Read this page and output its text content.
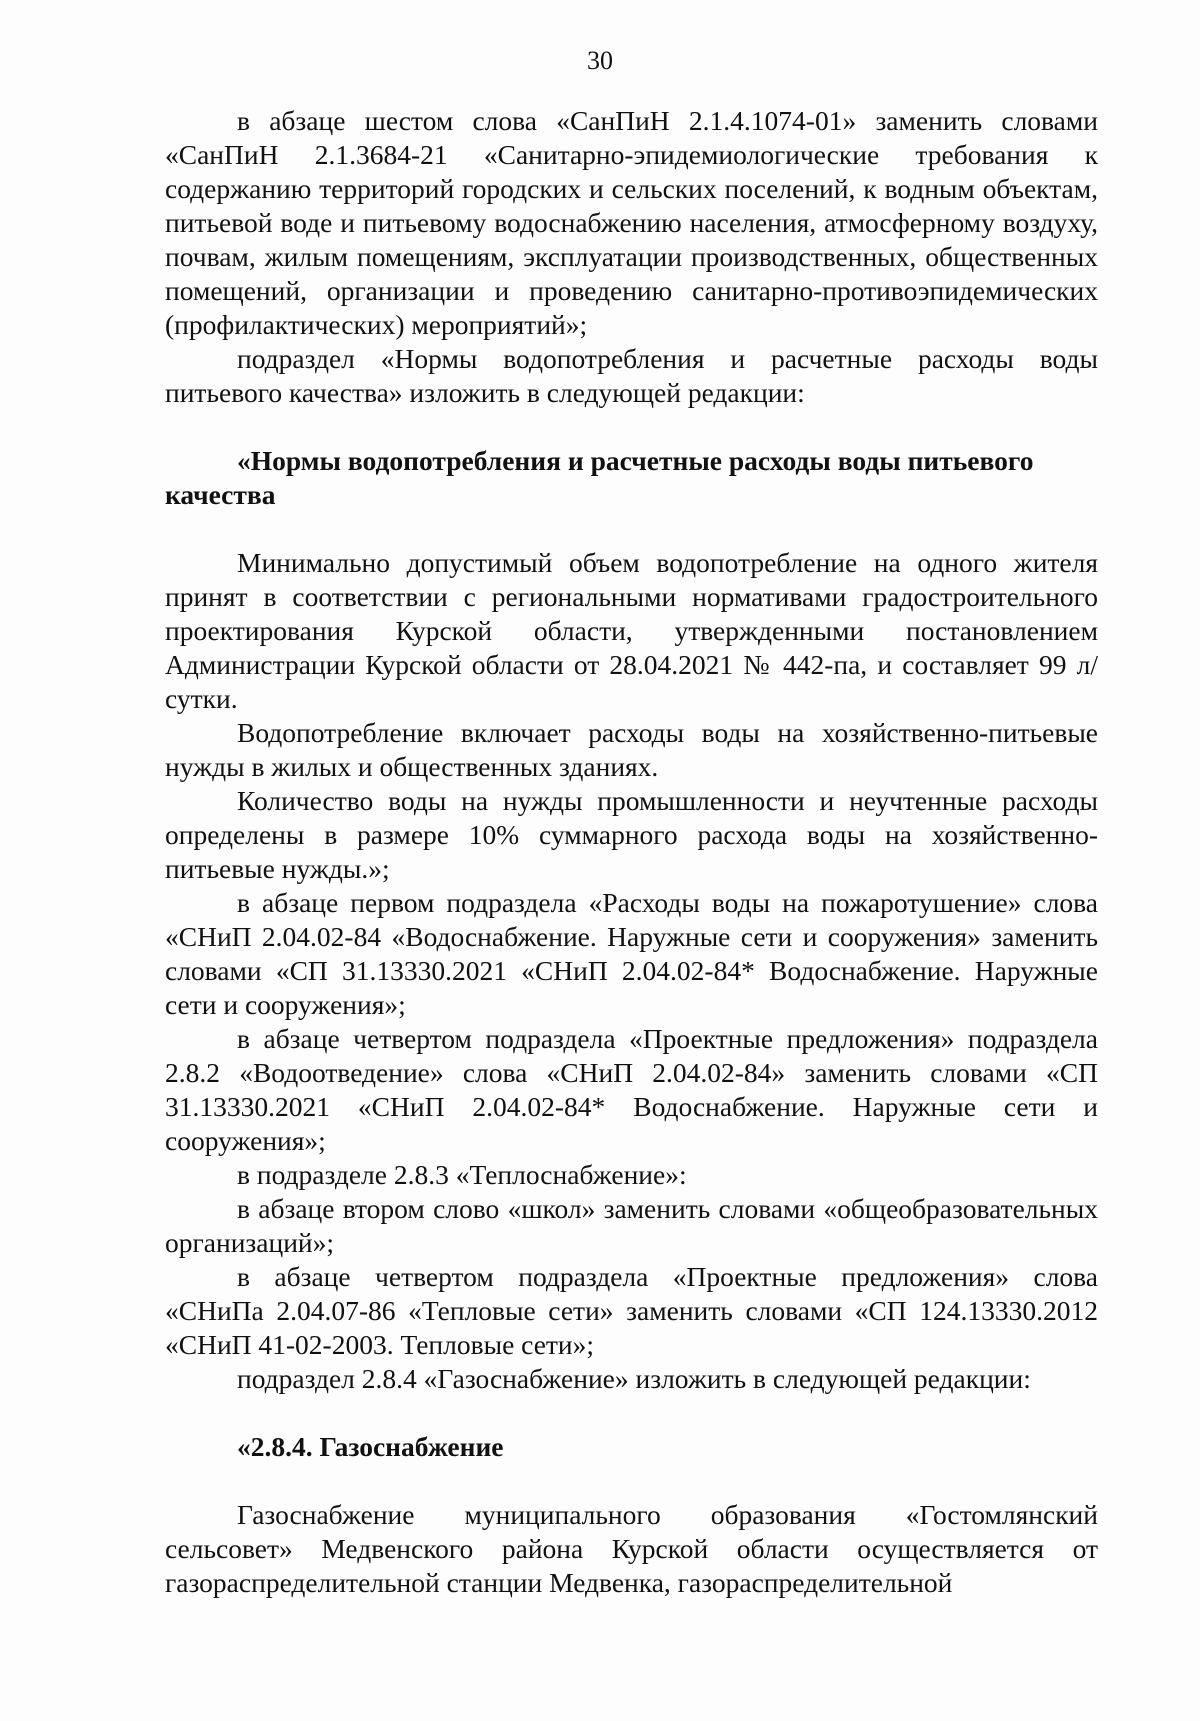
30

в абзаце шестом слова «СанПиН 2.1.4.1074-01» заменить словами «СанПиН 2.1.3684-21 «Санитарно-эпидемиологические требования к содержанию территорий городских и сельских поселений, к водным объектам, питьевой воде и питьевому водоснабжению населения, атмосферному воздуху, почвам, жилым помещениям, эксплуатации производственных, общественных помещений, организации и проведению санитарно-противоэпидемических (профилактических) мероприятий»;

подраздел «Нормы водопотребления и расчетные расходы воды питьевого качества» изложить в следующей редакции:

«Нормы водопотребления и расчетные расходы воды питьевого качества

Минимально допустимый объем водопотребление на одного жителя принят в соответствии с региональными нормативами градостроительного проектирования Курской области, утвержденными постановлением Администрации Курской области от 28.04.2021 № 442-па, и составляет 99 л/сутки.

Водопотребление включает расходы воды на хозяйственно-питьевые нужды в жилых и общественных зданиях.

Количество воды на нужды промышленности и неучтенные расходы определены в размере 10% суммарного расхода воды на хозяйственно-питьевые нужды.»;

в абзаце первом подраздела «Расходы воды на пожаротушение» слова «СНиП 2.04.02-84 «Водоснабжение. Наружные сети и сооружения» заменить словами «СП 31.13330.2021 «СНиП 2.04.02-84* Водоснабжение. Наружные сети и сооружения»;

в абзаце четвертом подраздела «Проектные предложения» подраздела 2.8.2 «Водоотведение» слова «СНиП 2.04.02-84» заменить словами «СП 31.13330.2021 «СНиП 2.04.02-84* Водоснабжение. Наружные сети и сооружения»;

в подразделе 2.8.3 «Теплоснабжение»:

в абзаце втором слово «школ» заменить словами «общеобразовательных организаций»;

в абзаце четвертом подраздела «Проектные предложения» слова «СНиПа 2.04.07-86 «Тепловые сети» заменить словами «СП 124.13330.2012 «СНиП 41-02-2003. Тепловые сети»;

подраздел 2.8.4 «Газоснабжение» изложить в следующей редакции:

«2.8.4. Газоснабжение

Газоснабжение муниципального образования «Гостомлянский сельсовет» Медвенского района Курской области осуществляется от газораспределительной станции Медвенка, газораспределительной
